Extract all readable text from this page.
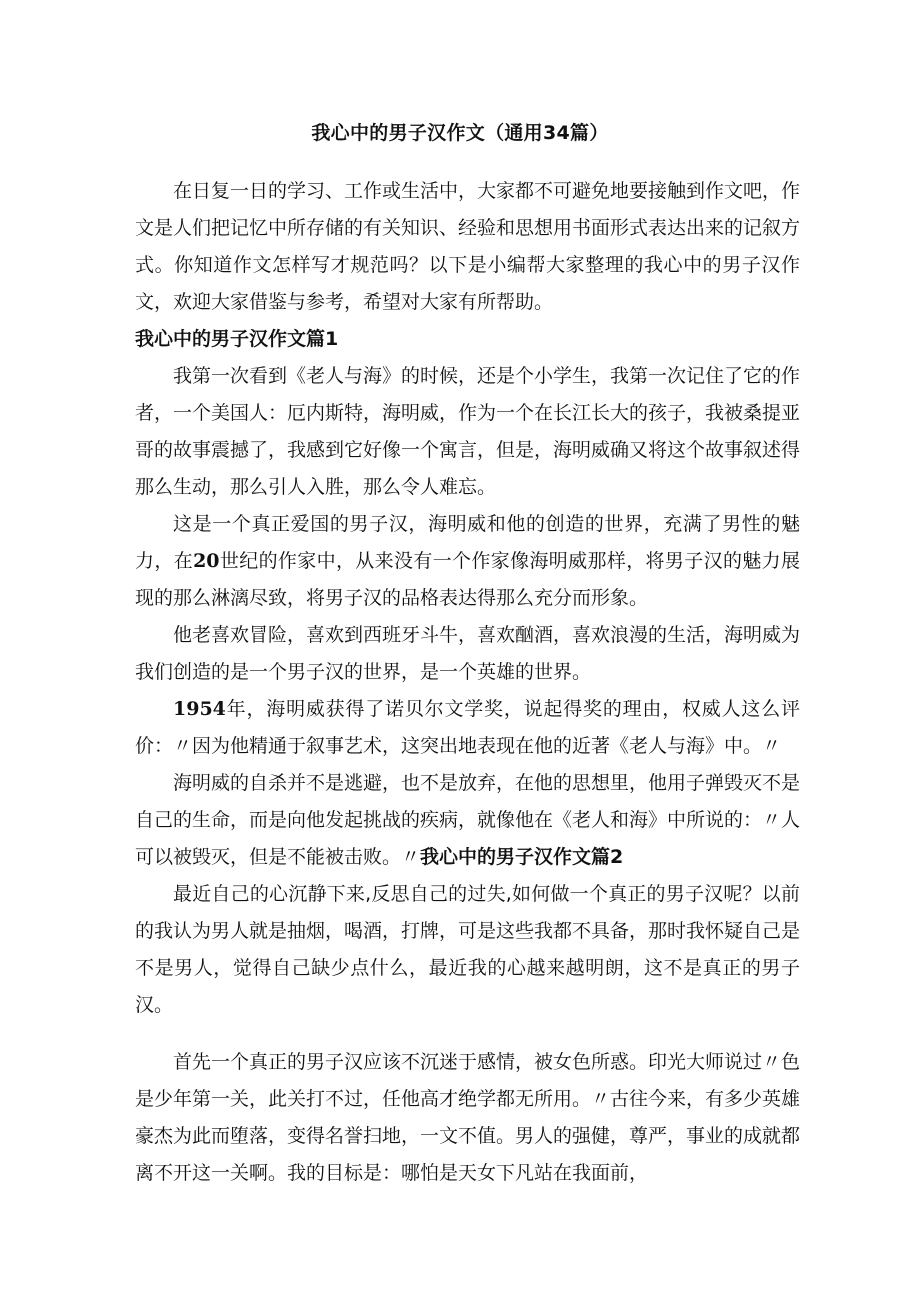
我心中的男子汉作文（通用34篇）

在日复一日的学习、工作或生活中，大家都不可避免地要接触到作文吧，作文是人们把记忆中所存储的有关知识、经验和思想用书面形式表达出来的记叙方式。你知道作文怎样写才规范吗？以下是小编帮大家整理的我心中的男子汉作文，欢迎大家借鉴与参考，希望对大家有所帮助。

我心中的男子汉作文篇1

我第一次看到《老人与海》的时候，还是个小学生，我第一次记住了它的作者，一个美国人：厄内斯特，海明威，作为一个在长江长大的孩子，我被桑提亚哥的故事震撼了，我感到它好像一个寓言，但是，海明威确又将这个故事叙述得那么生动，那么引人入胜，那么令人难忘。

这是一个真正爱国的男子汉，海明威和他的创造的世界，充满了男性的魅力，在20世纪的作家中，从来没有一个作家像海明威那样，将男子汉的魅力展现的那么淋漓尽致，将男子汉的品格表达得那么充分而形象。

他老喜欢冒险，喜欢到西班牙斗牛，喜欢酗酒，喜欢浪漫的生活，海明威为我们创造的是一个男子汉的世界，是一个英雄的世界。

1954年，海明威获得了诺贝尔文学奖，说起得奖的理由，权威人这么评价：〃因为他精通于叙事艺术，这突出地表现在他的近著《老人与海》中。〃

海明威的自杀并不是逃避，也不是放弃，在他的思想里，他用子弹毁灭不是自己的生命，而是向他发起挑战的疾病，就像他在《老人和海》中所说的：〃人可以被毁灭，但是不能被击败。〃我心中的男子汉作文篇2

最近自己的心沉静下来,反思自己的过失,如何做一个真正的男子汉呢？以前的我认为男人就是抽烟，喝酒，打牌，可是这些我都不具备，那时我怀疑自己是不是男人，觉得自己缺少点什么，最近我的心越来越明朗，这不是真正的男子汉。

首先一个真正的男子汉应该不沉迷于感情，被女色所惑。印光大师说过〃色是少年第一关，此关打不过，任他高才绝学都无所用。〃古往今来，有多少英雄豪杰为此而堕落，变得名誉扫地，一文不值。男人的强健，尊严，事业的成就都离不开这一关啊。我的目标是：哪怕是天女下凡站在我面前，
